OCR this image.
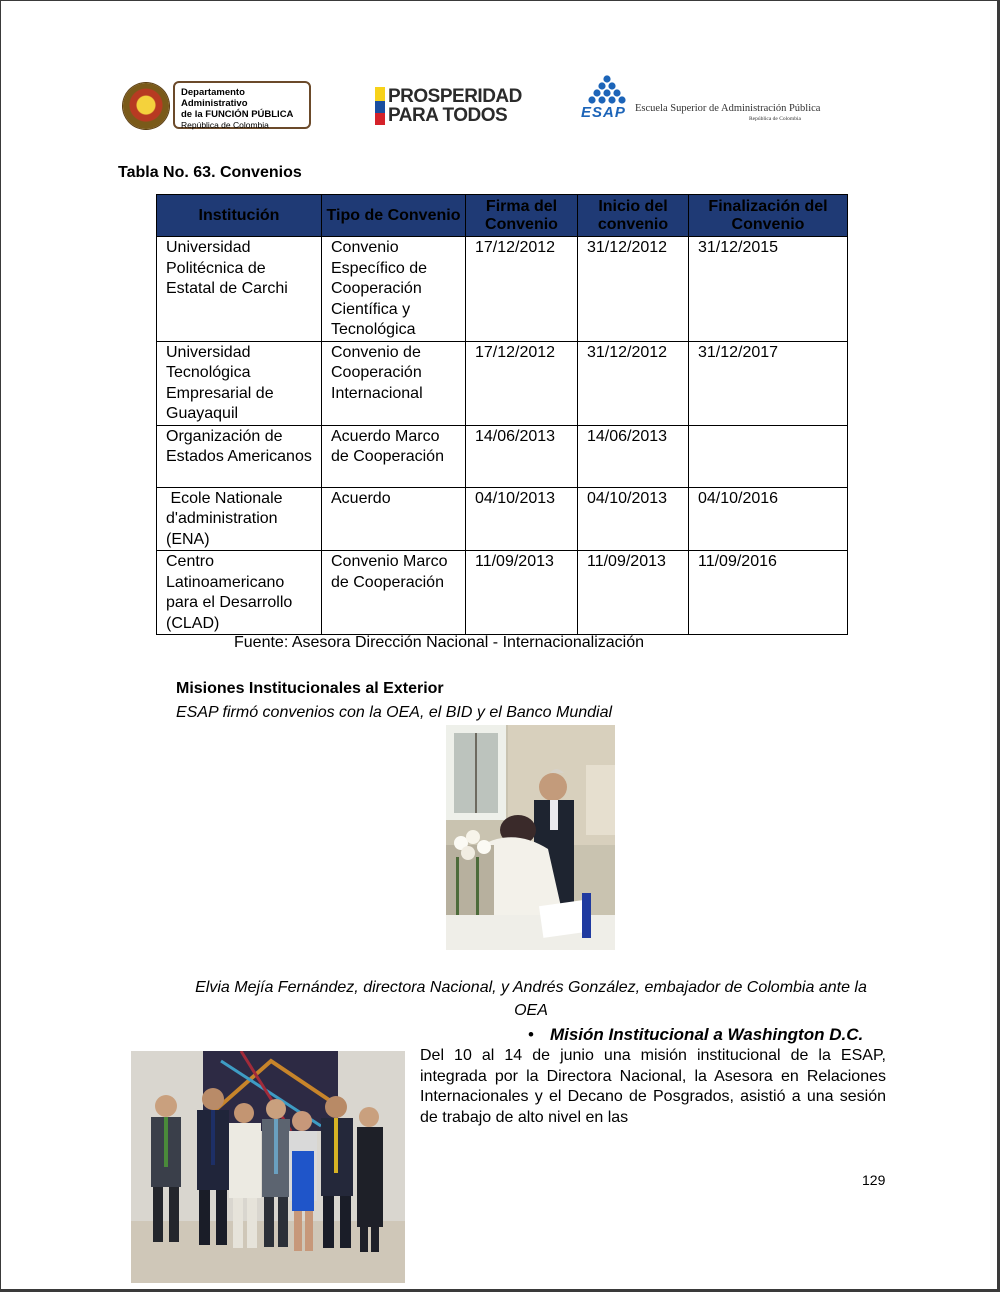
Departamento Administrativo
de la FUNCIÓN PÚBLICA
República de Colombia
PROSPERIDAD
PARA TODOS	ESAP Escuela Superior de Administración Pública
República de Colombia
Tabla No. 63. Convenios
Institución	Tipo de Convenio	Firma del Convenio	Inicio del convenio	Finalización del Convenio
Universidad Politécnica de Estatal de Carchi	Convenio Específico de Cooperación Científica y Tecnológica	17/12/2012	31/12/2012	31/12/2015
Universidad Tecnológica Empresarial de Guayaquil	Convenio de Cooperación Internacional	17/12/2012	31/12/2012	31/12/2017
Organización de Estados Americanos	Acuerdo Marco de Cooperación	14/06/2013	14/06/2013	
Ecole Nationale d'administration (ENA)	Acuerdo	04/10/2013	04/10/2013	04/10/2016
Centro Latinoamericano para el Desarrollo (CLAD)	Convenio Marco de Cooperación	11/09/2013	11/09/2013	11/09/2016
Fuente: Asesora Dirección Nacional - Internacionalización
Misiones Institucionales al Exterior
ESAP firmó convenios con la OEA, el BID y el Banco Mundial
Elvia Mejía Fernández, directora Nacional, y Andrés González, embajador de Colombia ante la OEA
• Misión Institucional a Washington D.C.
Del 10 al 14 de junio una misión institucional de la ESAP, integrada por la Directora Nacional, la Asesora en Relaciones Internacionales y el Decano de Posgrados, asistió a una sesión de trabajo de alto nivel en las
129
